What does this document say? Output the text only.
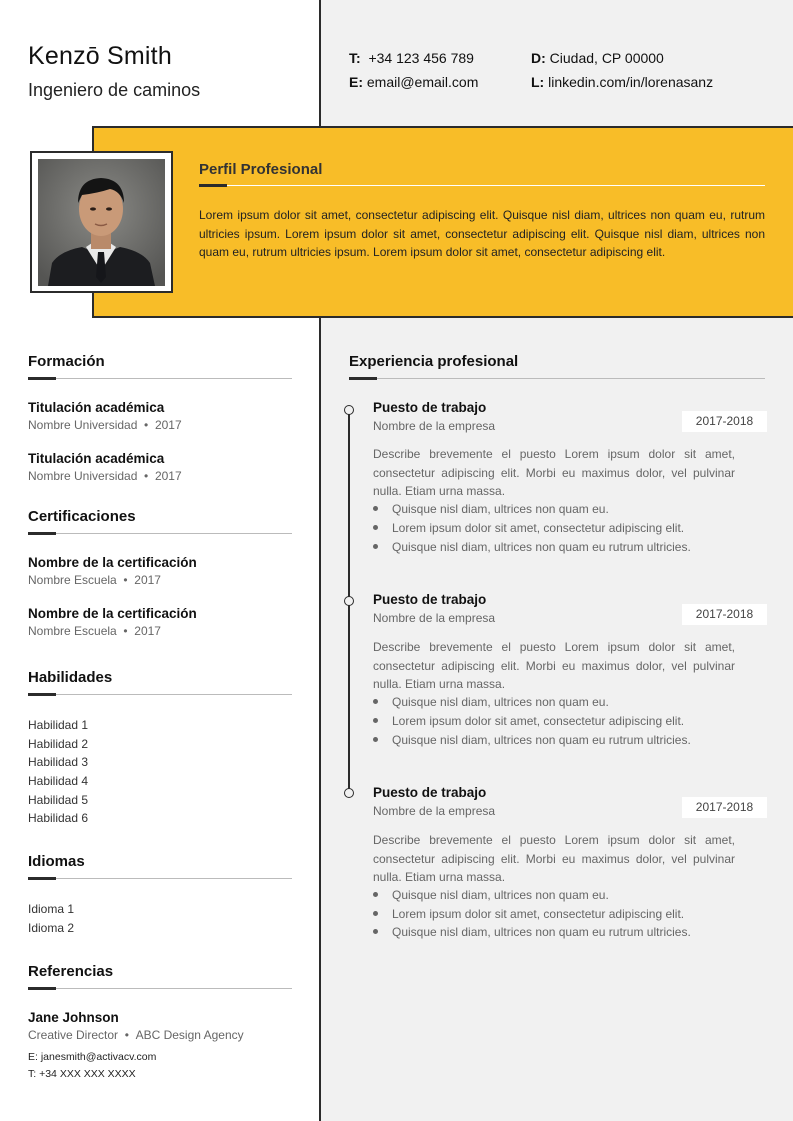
Kenzō Smith
Ingeniero de caminos
T: +34 123 456 789
E: email@email.com
D: Ciudad, CP 00000
L: linkedin.com/in/lorenasanz
Perfil Profesional
Lorem ipsum dolor sit amet, consectetur adipiscing elit. Quisque nisl diam, ultrices non quam eu, rutrum ultricies ipsum. Lorem ipsum dolor sit amet, consectetur adipiscing elit. Quisque nisl diam, ultrices non quam eu, rutrum ultricies ipsum. Lorem ipsum dolor sit amet, consectetur adipiscing elit.
Formación
Titulación académica
Nombre Universidad  •  2017
Titulación académica
Nombre Universidad  •  2017
Certificaciones
Nombre de la certificación
Nombre Escuela  •  2017
Nombre de la certificación
Nombre Escuela  •  2017
Habilidades
Habilidad 1
Habilidad 2
Habilidad 3
Habilidad 4
Habilidad 5
Habilidad 6
Idiomas
Idioma 1
Idioma 2
Referencias
Jane Johnson
Creative Director  •  ABC Design Agency
E: janesmith@activacv.com
T: +34 XXX XXX XXXX
Experiencia profesional
Puesto de trabajo
Nombre de la empresa	2017-2018
Describe brevemente el puesto Lorem ipsum dolor sit amet, consectetur adipiscing elit. Morbi eu maximus dolor, vel pulvinar nulla. Etiam urna massa.
Quisque nisl diam, ultrices non quam eu.
Lorem ipsum dolor sit amet, consectetur adipiscing elit.
Quisque nisl diam, ultrices non quam eu rutrum ultricies.
Puesto de trabajo
Nombre de la empresa	2017-2018
Describe brevemente el puesto Lorem ipsum dolor sit amet, consectetur adipiscing elit. Morbi eu maximus dolor, vel pulvinar nulla. Etiam urna massa.
Quisque nisl diam, ultrices non quam eu.
Lorem ipsum dolor sit amet, consectetur adipiscing elit.
Quisque nisl diam, ultrices non quam eu rutrum ultricies.
Puesto de trabajo
Nombre de la empresa	2017-2018
Describe brevemente el puesto Lorem ipsum dolor sit amet, consectetur adipiscing elit. Morbi eu maximus dolor, vel pulvinar nulla. Etiam urna massa.
Quisque nisl diam, ultrices non quam eu.
Lorem ipsum dolor sit amet, consectetur adipiscing elit.
Quisque nisl diam, ultrices non quam eu rutrum ultricies.
